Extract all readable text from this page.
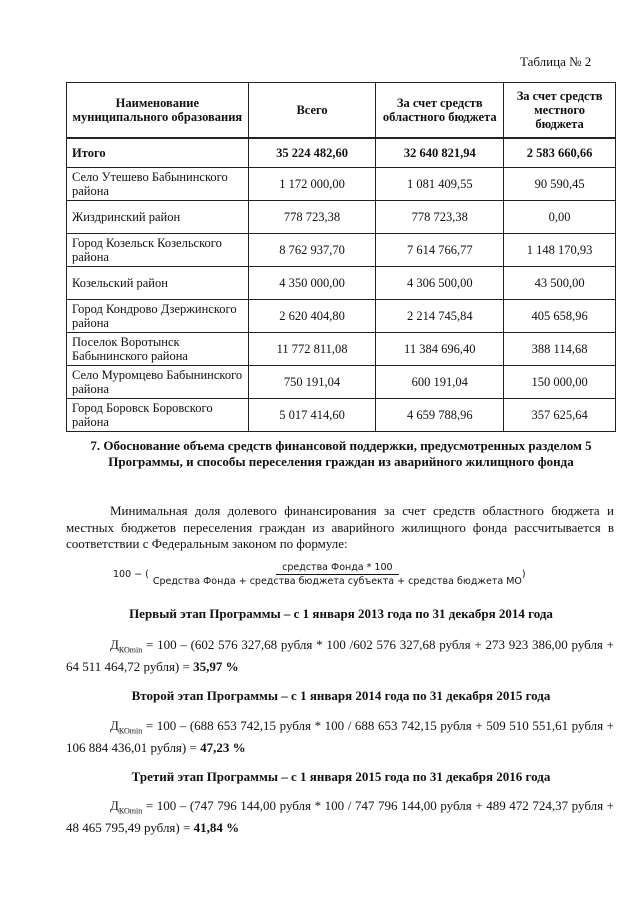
Таблица № 2
Наименование муниципального образования	Всего	За счет средств областного бюджета	За счет средств местного бюджета
Итого	35 224 482,60	32 640 821,94	2 583 660,66
Село Утешево Бабынинского района	1 172 000,00	1 081 409,55	90 590,45
Жиздринский район	778 723,38	778 723,38	0,00
Город Козельск Козельского района	8 762 937,70	7 614 766,77	1 148 170,93
Козельский район	4 350 000,00	4 306 500,00	43 500,00
Город Кондрово Дзержинского района	2 620 404,80	2 214 745,84	405 658,96
Поселок Воротынск Бабынинского района	11 772 811,08	11 384 696,40	388 114,68
Село Муромцево Бабынинского района	750 191,04	600 191,04	150 000,00
Город Боровск Боровского района	5 017 414,60	4 659 788,96	357 625,64
7. Обоснование объема средств финансовой поддержки, предусмотренных разделом 5 Программы, и способы переселения граждан из аварийного жилищного фонда
Минимальная доля долевого финансирования за счет средств областного бюджета и местных бюджетов переселения граждан из аварийного жилищного фонда рассчитывается в соответствии с Федеральным законом по формуле:
100 − (
средства Фонда * 100
Средства Фонда + средства бюджета субъекта + средства бюджета МО
)
Первый этап Программы – с 1 января 2013 года по 31 декабря 2014 года
$Д_{КОmin} = 100 - (602$ 576 327,68 рубля * 100 /602 576 327,68 рубля + 273 923 386,00 рубля + 64 511 464,72 рубля) = 35,97 %
Второй этап Программы – с 1 января 2014 года по 31 декабря 2015 года
$Д_{КОmin} = 100 - (688$ 653 742,15 рубля * 100 / 688 653 742,15 рубля + 509 510 551,61 рубля + 106 884 436,01 рубля) = 47,23 %
Третий этап Программы – с 1 января 2015 года по 31 декабря 2016 года
$Д_{КОmin} = 100 - (747$ 796 144,00 рубля * 100 / 747 796 144,00 рубля + 489 472 724,37 рубля + 48 465 795,49 рубля) = 41,84 %
